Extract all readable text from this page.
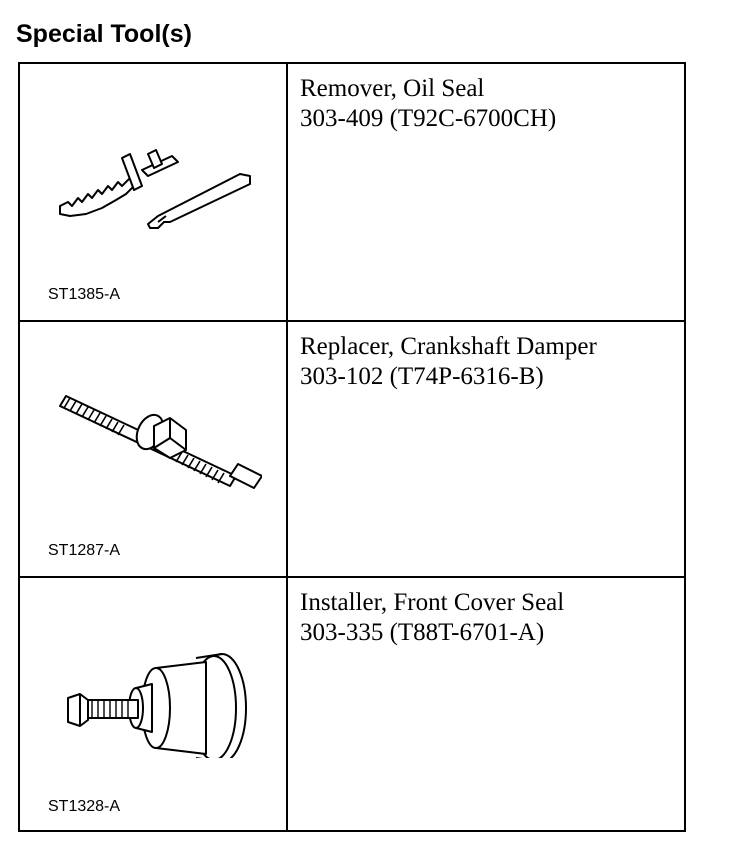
Special Tool(s)
ST1385-A
Remover, Oil Seal
303-409 (T92C-6700CH)
ST1287-A
Replacer, Crankshaft Damper
303-102 (T74P-6316-B)
ST1328-A
Installer, Front Cover Seal
303-335 (T88T-6701-A)
